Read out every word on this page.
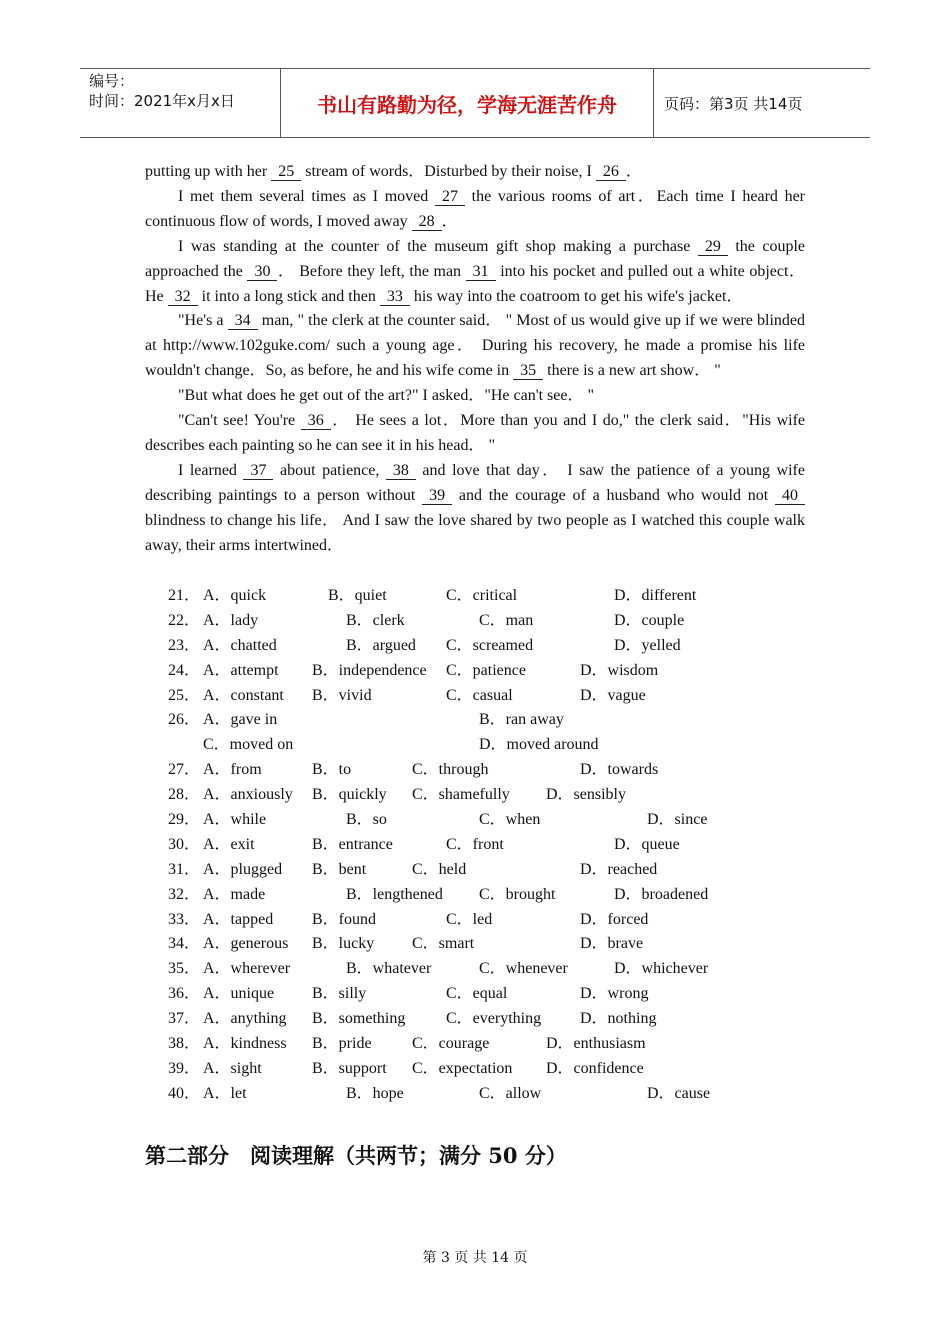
编号：
时间：2021年x月x日	书山有路勤为径，学海无涯苦作舟	页码：第3页 共14页

putting up with her 25 stream of words．Disturbed by their noise, I 26 ．

I met them several times as I moved 27 the various rooms of art．Each time I heard her continuous flow of words, I moved away 28 ．

I was standing at the counter of the museum gift shop making a purchase 29 the couple approached the 30 ． Before they left, the man 31 into his pocket and pulled out a white object．He 32 it into a long stick and then 33 his way into the coatroom to get his wife's jacket．

"He's a 34 man, " the clerk at the counter said． " Most of us would give up if we were blinded at http://www.102guke.com/ such a young age． During his recovery, he made a promise his life wouldn't change．So, as before, he and his wife come in 35 there is a new art show． "

"But what does he get out of the art?" I asked．"He can't see． "

"Can't see! You're 36 ． He sees a lot．More than you and I do," the clerk said．"His wife describes each painting so he can see it in his head． "

I learned 37 about patience, 38 and love that day． I saw the patience of a young wife describing paintings to a person without 39 and the courage of a husband who would not 40 blindness to change his life． And I saw the love shared by two people as I watched this couple walk away, their arms intertwined．

21． A．quick	B．quiet	C．critical	D．different
22． A．lady	B．clerk	C．man	D．couple
23． A．chatted	B．argued C．screamed	D．yelled
24． A．attempt B．independence C．patience	D．wisdom
25． A．constant B．vivid	C．casual	D．vague
26． A．gave in	B．ran away
C．moved on	D．moved around
27． A．from	B．to	C．through	D．towards
28． A．anxiously B．quickly C．shamefully D．sensibly
29． A．while	B．so	C．when	D．since
30． A．exit	B．entrance	C．front	D．queue
31． A．plugged B．bent	C．held	D．reached
32． A．made	B．lengthened C．brought	D．broadened
33． A．tapped B．found	C．led	D．forced
34． A．generous B．lucky C．smart	D．brave
35． A．wherever	B．whatever	C．whenever	D．whichever
36． A．unique B．silly	C．equal	D．wrong
37． A．anything B．something	C．everything D．nothing
38． A．kindness B．pride	C．courage	D．enthusiasm
39． A．sight	B．support C．expectation D．confidence
40． A．let	B．hope	C．allow	D．cause
第二部分　阅读理解（共两节；满分 50 分）
第 3 页 共 14 页
